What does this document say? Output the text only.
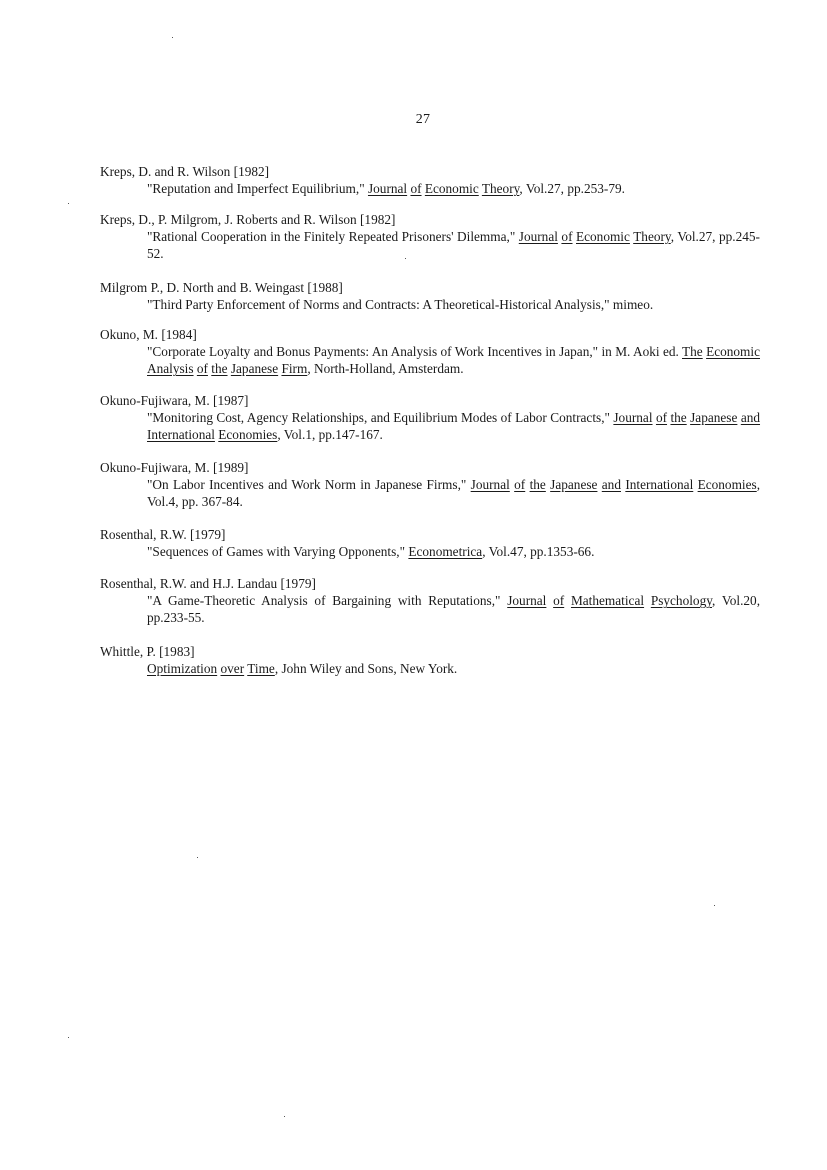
27
Kreps, D. and R. Wilson [1982]
"Reputation and Imperfect Equilibrium," Journal of Economic Theory, Vol.27, pp.253-79.
Kreps, D., P. Milgrom, J. Roberts and R. Wilson [1982]
"Rational Cooperation in the Finitely Repeated Prisoners' Dilemma," Journal of Economic Theory, Vol.27, pp.245-52.
Milgrom P., D. North and B. Weingast [1988]
"Third Party Enforcement of Norms and Contracts: A Theoretical-Historical Analysis," mimeo.
Okuno, M. [1984]
"Corporate Loyalty and Bonus Payments: An Analysis of Work Incentives in Japan," in M. Aoki ed. The Economic Analysis of the Japanese Firm, North-Holland, Amsterdam.
Okuno-Fujiwara, M. [1987]
"Monitoring Cost, Agency Relationships, and Equilibrium Modes of Labor Contracts," Journal of the Japanese and International Economies, Vol.1, pp.147-167.
Okuno-Fujiwara, M. [1989]
"On Labor Incentives and Work Norm in Japanese Firms," Journal of the Japanese and International Economies, Vol.4, pp. 367-84.
Rosenthal, R.W. [1979]
"Sequences of Games with Varying Opponents," Econometrica, Vol.47, pp.1353-66.
Rosenthal, R.W. and H.J. Landau [1979]
"A Game-Theoretic Analysis of Bargaining with Reputations," Journal of Mathematical Psychology, Vol.20, pp.233-55.
Whittle, P. [1983]
Optimization over Time, John Wiley and Sons, New York.
